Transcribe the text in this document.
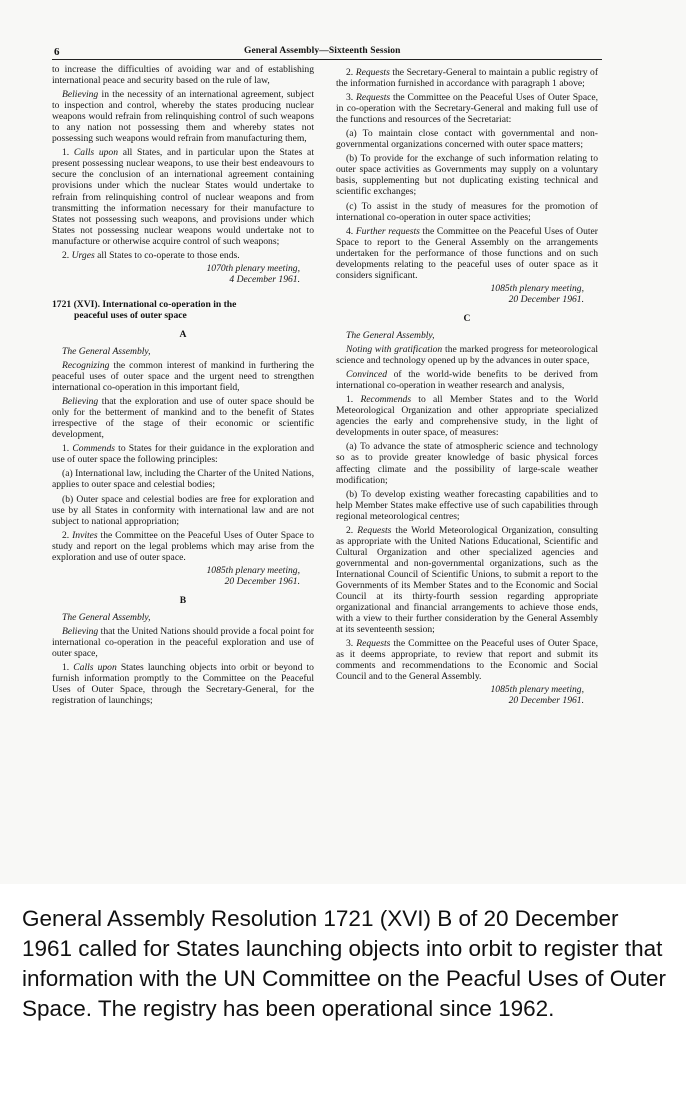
6	General Assembly—Sixteenth Session

to increase the difficulties of avoiding war and of establishing international peace and security based on the rule of law,

Believing in the necessity of an international agreement, subject to inspection and control, whereby the states producing nuclear weapons would refrain from relinquishing control of such weapons to any nation not possessing them and whereby states not possessing such weapons would refrain from manufacturing them,

1. Calls upon all States, and in particular upon the States at present possessing nuclear weapons, to use their best endeavours to secure the conclusion of an international agreement containing provisions under which the nuclear States would undertake to refrain from relinquishing control of nuclear weapons and from transmitting the information necessary for their manufacture to States not possessing such weapons, and provisions under which States not possessing nuclear weapons would undertake not to manufacture or otherwise acquire control of such weapons;

2. Urges all States to co-operate to those ends.

1070th plenary meeting,
4 December 1961.
1721 (XVI). International co-operation in the
peaceful uses of outer space
A

The General Assembly,

Recognizing the common interest of mankind in furthering the peaceful uses of outer space and the urgent need to strengthen international co-operation in this important field,

Believing that the exploration and use of outer space should be only for the betterment of mankind and to the benefit of States irrespective of the stage of their economic or scientific development,

1. Commends to States for their guidance in the exploration and use of outer space the following principles:

(a) International law, including the Charter of the United Nations, applies to outer space and celestial bodies;

(b) Outer space and celestial bodies are free for exploration and use by all States in conformity with international law and are not subject to national appropriation;

2. Invites the Committee on the Peaceful Uses of Outer Space to study and report on the legal problems which may arise from the exploration and use of outer space.

1085th plenary meeting,
20 December 1961.
B

The General Assembly,

Believing that the United Nations should provide a focal point for international co-operation in the peaceful exploration and use of outer space,

1. Calls upon States launching objects into orbit or beyond to furnish information promptly to the Committee on the Peaceful Uses of Outer Space, through the Secretary-General, for the registration of launchings;

2. Requests the Secretary-General to maintain a public registry of the information furnished in accordance with paragraph 1 above;

3. Requests the Committee on the Peaceful Uses of Outer Space, in co-operation with the Secretary-General and making full use of the functions and resources of the Secretariat:

(a) To maintain close contact with governmental and non-governmental organizations concerned with outer space matters;

(b) To provide for the exchange of such information relating to outer space activities as Governments may supply on a voluntary basis, supplementing but not duplicating existing technical and scientific exchanges;

(c) To assist in the study of measures for the promotion of international co-operation in outer space activities;

4. Further requests the Committee on the Peaceful Uses of Outer Space to report to the General Assembly on the arrangements undertaken for the performance of those functions and on such developments relating to the peaceful uses of outer space as it considers significant.

1085th plenary meeting,
20 December 1961.
C

The General Assembly,

Noting with gratification the marked progress for meteorological science and technology opened up by the advances in outer space,

Convinced of the world-wide benefits to be derived from international co-operation in weather research and analysis,

1. Recommends to all Member States and to the World Meteorological Organization and other appropriate specialized agencies the early and comprehensive study, in the light of developments in outer space, of measures:

(a) To advance the state of atmospheric science and technology so as to provide greater knowledge of basic physical forces affecting climate and the possibility of large-scale weather modification;

(b) To develop existing weather forecasting capabilities and to help Member States make effective use of such capabilities through regional meteorological centres;

2. Requests the World Meteorological Organization, consulting as appropriate with the United Nations Educational, Scientific and Cultural Organization and other specialized agencies and governmental and non-governmental organizations, such as the International Council of Scientific Unions, to submit a report to the Governments of its Member States and to the Economic and Social Council at its thirty-fourth session regarding appropriate organizational and financial arrangements to achieve those ends, with a view to their further consideration by the General Assembly at its seventeenth session;

3. Requests the Committee on the Peaceful uses of Outer Space, as it deems appropriate, to review that report and submit its comments and recommendations to the Economic and Social Council and to the General Assembly.

1085th plenary meeting,
20 December 1961.
General Assembly Resolution 1721 (XVI) B of 20 December 1961 called for States launching objects into orbit to register that information with the UN Committee on the Peacful Uses of Outer Space. The registry has been operational since 1962.
